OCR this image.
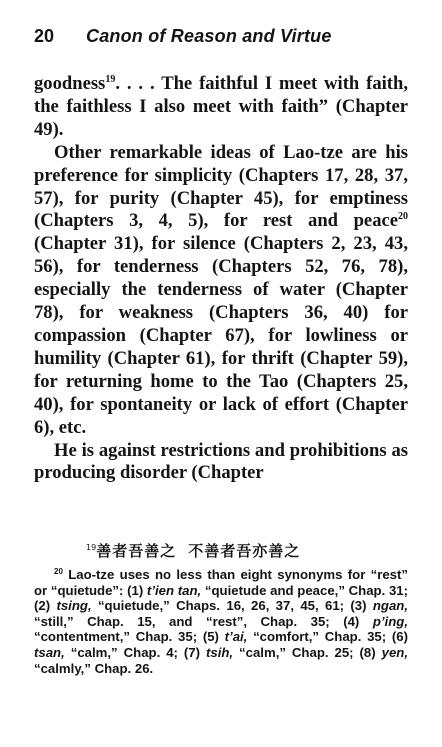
20 Canon of Reason and Virtue

goodness$^{19}$. . . . The faithful I meet with faith, the faithless I also meet with faith” (Chapter 49).

Other remarkable ideas of Lao-tze are his preference for simplicity (Chapters 17, 28, 37, 57), for purity (Chapter 45), for emptiness (Chapters 3, 4, 5), for rest and peace$^{20}$ (Chapter 31), for silence (Chapters 2, 23, 43, 56), for tenderness (Chapters 52, 76, 78), especially the tenderness of water (Chapter 78), for weakness (Chapters 36, 40) for compassion (Chapter 67), for lowliness or humility (Chapter 61), for thrift (Chapter 59), for returning home to the Tao (Chapters 25, 40), for spontaneity or lack of effort (Chapter 6), etc.

He is against restrictions and prohibitions as producing disorder (Chapter

$^{19}$善者吾善之 不善者吾亦善之
$^{20}$ Lao-tze uses no less than eight synonyms for “rest” or “quietude”: (1) t’ien tan, “quietude and peace,” Chap. 31; (2) tsing, “quietude,” Chaps. 16, 26, 37, 45, 61; (3) ngan, “still,” Chap. 15, and “rest”, Chap. 35; (4) p’ing, “contentment,” Chap. 35; (5) t’ai, “comfort,” Chap. 35; (6) tsan, “calm,” Chap. 4; (7) tsih, “calm,” Chap. 25; (8) yen, “calmly,” Chap. 26.
